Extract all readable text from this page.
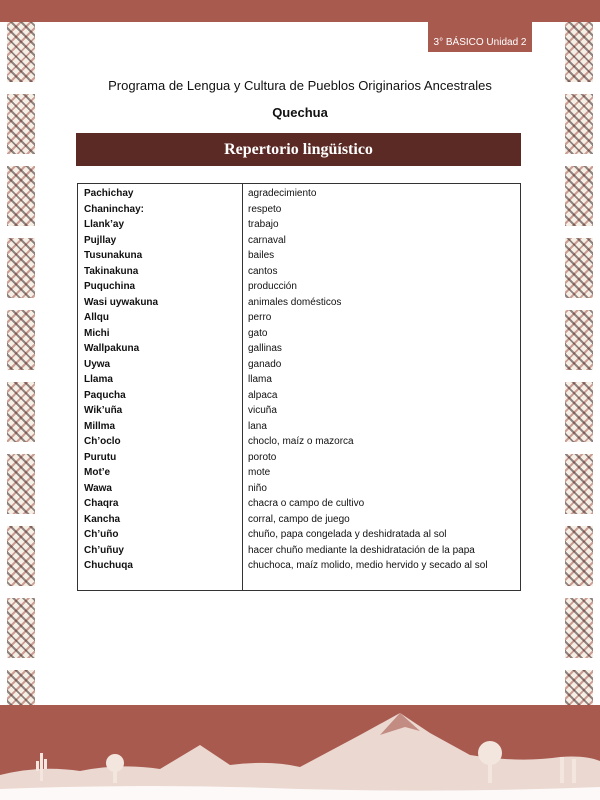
3° BÁSICO Unidad 2
Programa de Lengua y Cultura de Pueblos Originarios Ancestrales
Quechua
Repertorio lingüístico
Pachichay	agradecimiento
Chaninchay:	respeto
Llank’ay	trabajo
Pujllay	carnaval
Tusunakuna	bailes
Takinakuna	cantos
Puquchina	producción
Wasi uywakuna	animales domésticos
Allqu	perro
Michi	gato
Wallpakuna	gallinas
Uywa	ganado
Llama	llama
Paqucha	alpaca
Wik’uña	vicuña
Millma	lana
Ch’oclo	choclo, maíz o mazorca
Purutu	poroto
Mot’e	mote
Wawa	niño
Chaqra	chacra o campo de cultivo
Kancha	corral, campo de juego
Ch’uño	chuño, papa congelada y deshidratada al sol
Ch’uñuy	hacer chuño mediante la deshidratación de la papa
Chuchuqa	chuchoca, maíz molido, medio hervido y secado al sol
